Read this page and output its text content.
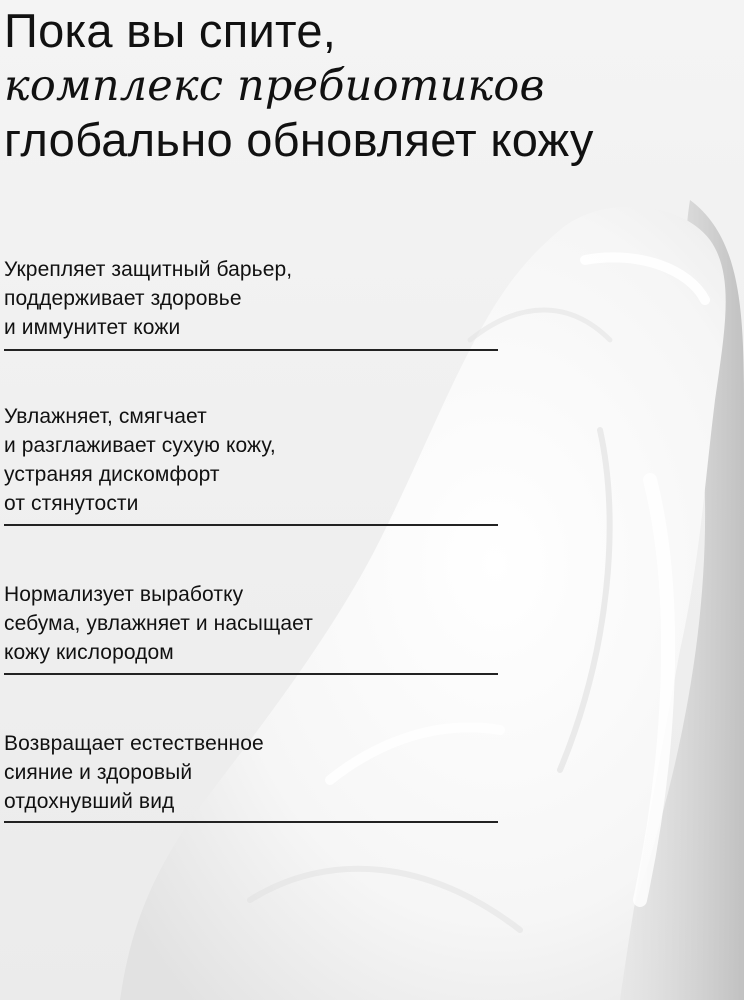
Пока вы спите,
комплекс пребиотиков
глобально обновляет кожу
Укрепляет защитный барьер,
поддерживает здоровье
и иммунитет кожи
Увлажняет, смягчает
и разглаживает сухую кожу,
устраняя дискомфорт
от стянутости
Нормализует выработку
себума, увлажняет и насыщает
кожу кислородом
Возвращает естественное
сияние и здоровый
отдохнувший вид
